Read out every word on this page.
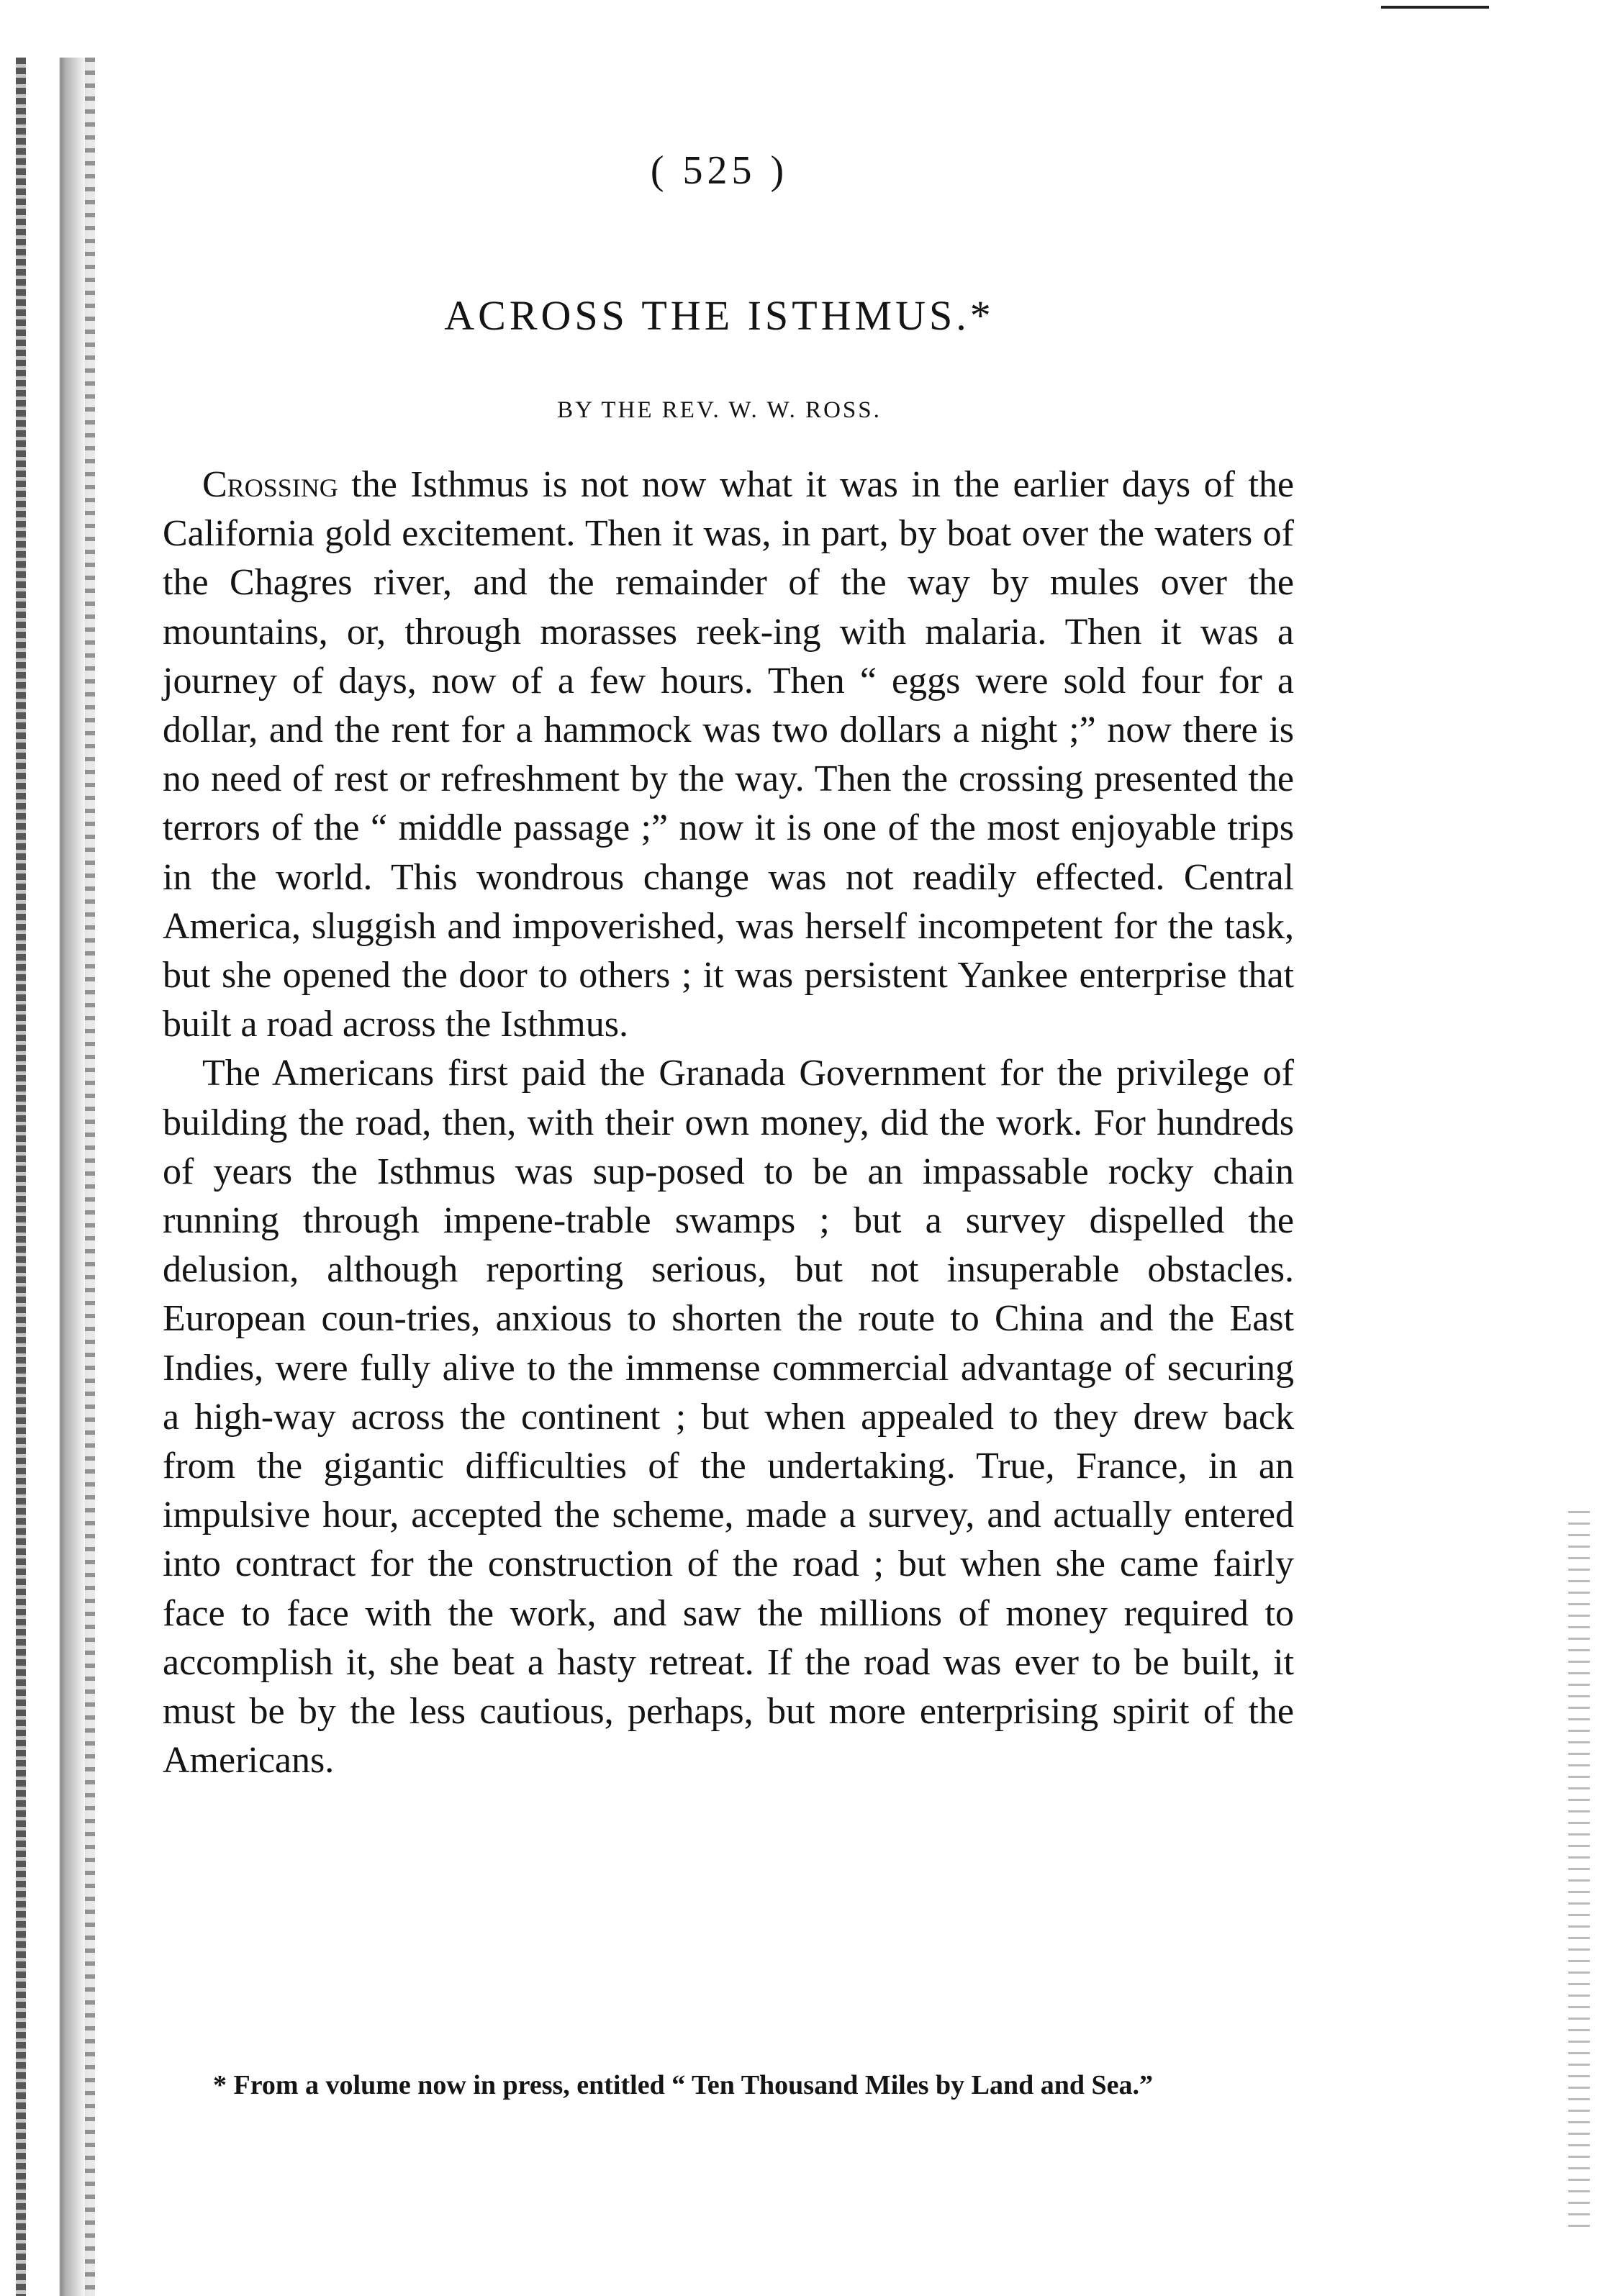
( 525 )
ACROSS THE ISTHMUS.*
BY THE REV. W. W. ROSS.

Crossing the Isthmus is not now what it was in the earlier days of the California gold excitement. Then it was, in part, by boat over the waters of the Chagres river, and the remainder of the way by mules over the mountains, or, through morasses reek-ing with malaria. Then it was a journey of days, now of a few hours. Then “ eggs were sold four for a dollar, and the rent for a hammock was two dollars a night ;” now there is no need of rest or refreshment by the way. Then the crossing presented the terrors of the “ middle passage ;” now it is one of the most enjoyable trips in the world. This wondrous change was not readily effected. Central America, sluggish and impoverished, was herself incompetent for the task, but she opened the door to others ; it was persistent Yankee enterprise that built a road across the Isthmus.

The Americans first paid the Granada Government for the privilege of building the road, then, with their own money, did the work. For hundreds of years the Isthmus was sup-posed to be an impassable rocky chain running through impene-trable swamps ; but a survey dispelled the delusion, although reporting serious, but not insuperable obstacles. European coun-tries, anxious to shorten the route to China and the East Indies, were fully alive to the immense commercial advantage of securing a high-way across the continent ; but when appealed to they drew back from the gigantic difficulties of the undertaking. True, France, in an impulsive hour, accepted the scheme, made a survey, and actually entered into contract for the construction of the road ; but when she came fairly face to face with the work, and saw the millions of money required to accomplish it, she beat a hasty retreat. If the road was ever to be built, it must be by the less cautious, perhaps, but more enterprising spirit of the Americans.

* From a volume now in press, entitled “ Ten Thousand Miles by Land and Sea.”
